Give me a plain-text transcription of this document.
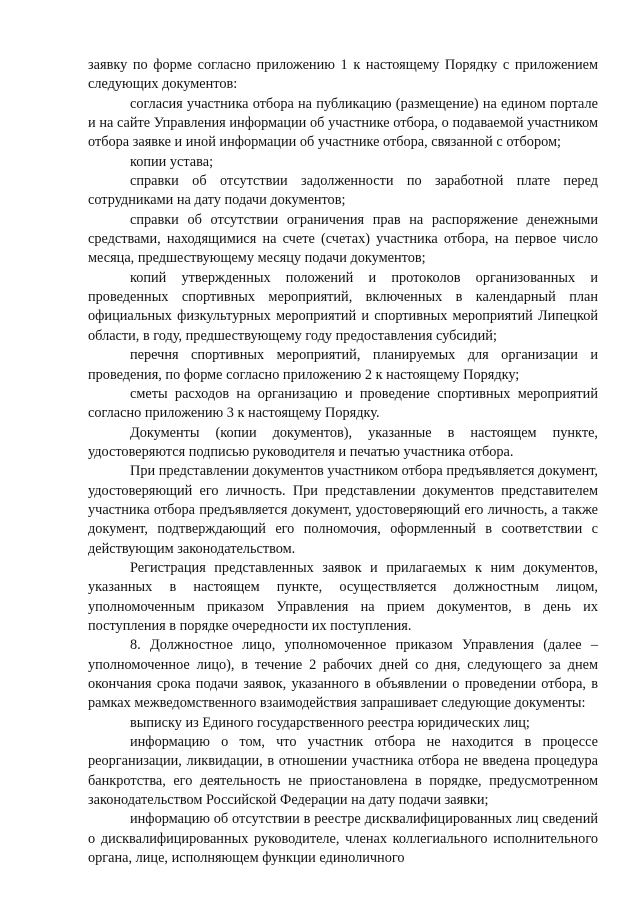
заявку по форме согласно приложению 1 к настоящему Порядку с приложением следующих документов:

согласия участника отбора на публикацию (размещение) на едином портале и на сайте Управления информации об участнике отбора, о подаваемой участником отбора заявке и иной информации об участнике отбора, связанной с отбором;

копии устава;

справки об отсутствии задолженности по заработной плате перед сотрудниками на дату подачи документов;

справки об отсутствии ограничения прав на распоряжение денежными средствами, находящимися на счете (счетах) участника отбора, на первое число месяца, предшествующему месяцу подачи документов;

копий утвержденных положений и протоколов организованных и проведенных спортивных мероприятий, включенных в календарный план официальных физкультурных мероприятий и спортивных мероприятий Липецкой области, в году, предшествующему году предоставления субсидий;

перечня спортивных мероприятий, планируемых для организации и проведения, по форме согласно приложению 2 к настоящему Порядку;

сметы расходов на организацию и проведение спортивных мероприятий согласно приложению 3 к настоящему Порядку.

Документы (копии документов), указанные в настоящем пункте, удостоверяются подписью руководителя и печатью участника отбора.

При представлении документов участником отбора предъявляется документ, удостоверяющий его личность. При представлении документов представителем участника отбора предъявляется документ, удостоверяющий его личность, а также документ, подтверждающий его полномочия, оформленный в соответствии с действующим законодательством.

Регистрация представленных заявок и прилагаемых к ним документов, указанных в настоящем пункте, осуществляется должностным лицом, уполномоченным приказом Управления на прием документов, в день их поступления в порядке очередности их поступления.

8. Должностное лицо, уполномоченное приказом Управления (далее – уполномоченное лицо), в течение 2 рабочих дней со дня, следующего за днем окончания срока подачи заявок, указанного в объявлении о проведении отбора, в рамках межведомственного взаимодействия запрашивает следующие документы:

выписку из Единого государственного реестра юридических лиц;

информацию о том, что участник отбора не находится в процессе реорганизации, ликвидации, в отношении участника отбора не введена процедура банкротства, его деятельность не приостановлена в порядке, предусмотренном законодательством Российской Федерации на дату подачи заявки;

информацию об отсутствии в реестре дисквалифицированных лиц сведений о дисквалифицированных руководителе, членах коллегиального исполнительного органа, лице, исполняющем функции единоличного
